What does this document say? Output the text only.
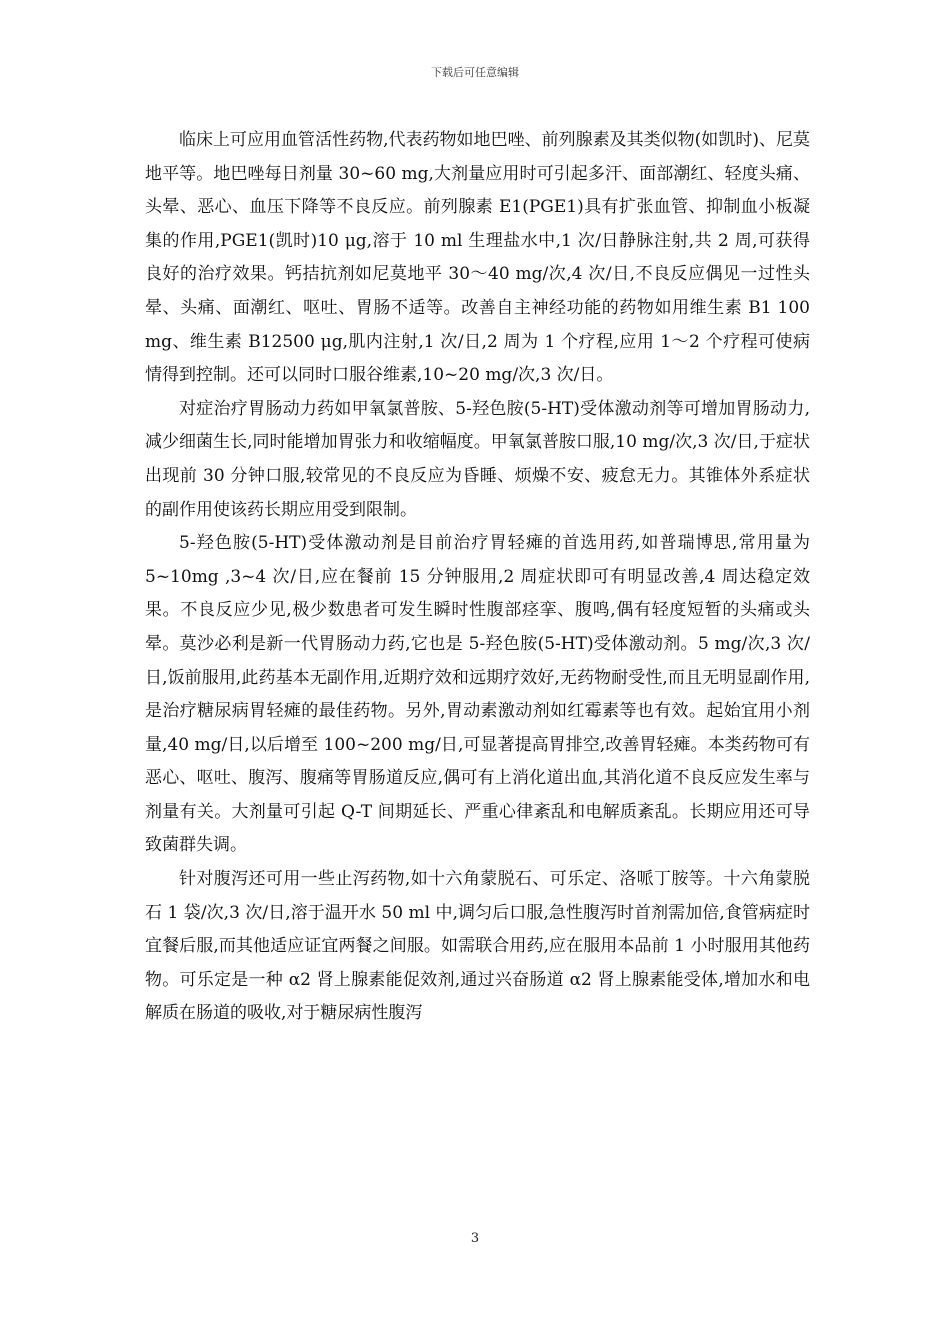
下载后可任意编辑

临床上可应用血管活性药物,代表药物如地巴唑、前列腺素及其类似物(如凯时)、尼莫地平等。地巴唑每日剂量 30~60 mg,大剂量应用时可引起多汗、面部潮红、轻度头痛、头晕、恶心、血压下降等不良反应。前列腺素 E1(PGE1)具有扩张血管、抑制血小板凝集的作用,PGE1(凯时)10 μg,溶于 10 ml 生理盐水中,1 次/日静脉注射,共 2 周,可获得良好的治疗效果。钙拮抗剂如尼莫地平 30～40 mg/次,4 次/日,不良反应偶见一过性头晕、头痛、面潮红、呕吐、胃肠不适等。改善自主神经功能的药物如用维生素 B1 100 mg、维生素 B12500 μg,肌内注射,1 次/日,2 周为 1 个疗程,应用 1～2 个疗程可使病情得到控制。还可以同时口服谷维素,10~20 mg/次,3 次/日。

对症治疗胃肠动力药如甲氧氯普胺、5-羟色胺(5-HT)受体激动剂等可增加胃肠动力,减少细菌生长,同时能增加胃张力和收缩幅度。甲氧氯普胺口服,10 mg/次,3 次/日,于症状出现前 30 分钟口服,较常见的不良反应为昏睡、烦燥不安、疲怠无力。其锥体外系症状的副作用使该药长期应用受到限制。

5-羟色胺(5-HT)受体激动剂是目前治疗胃轻瘫的首选用药,如普瑞博思,常用量为 5~10mg ,3~4 次/日,应在餐前 15 分钟服用,2 周症状即可有明显改善,4 周达稳定效果。不良反应少见,极少数患者可发生瞬时性腹部痉挛、腹鸣,偶有轻度短暂的头痛或头晕。莫沙必利是新一代胃肠动力药,它也是 5-羟色胺(5-HT)受体激动剂。5 mg/次,3 次/日,饭前服用,此药基本无副作用,近期疗效和远期疗效好,无药物耐受性,而且无明显副作用,是治疗糖尿病胃轻瘫的最佳药物。另外,胃动素激动剂如红霉素等也有效。起始宜用小剂量,40 mg/日,以后增至 100~200 mg/日,可显著提高胃排空,改善胃轻瘫。本类药物可有恶心、呕吐、腹泻、腹痛等胃肠道反应,偶可有上消化道出血,其消化道不良反应发生率与剂量有关。大剂量可引起 Q-T 间期延长、严重心律紊乱和电解质紊乱。长期应用还可导致菌群失调。

针对腹泻还可用一些止泻药物,如十六角蒙脱石、可乐定、洛哌丁胺等。十六角蒙脱石 1 袋/次,3 次/日,溶于温开水 50 ml 中,调匀后口服,急性腹泻时首剂需加倍,食管病症时宜餐后服,而其他适应证宜两餐之间服。如需联合用药,应在服用本品前 1 小时服用其他药物。可乐定是一种 α2 肾上腺素能促效剂,通过兴奋肠道 α2 肾上腺素能受体,增加水和电解质在肠道的吸收,对于糖尿病性腹泻

3
